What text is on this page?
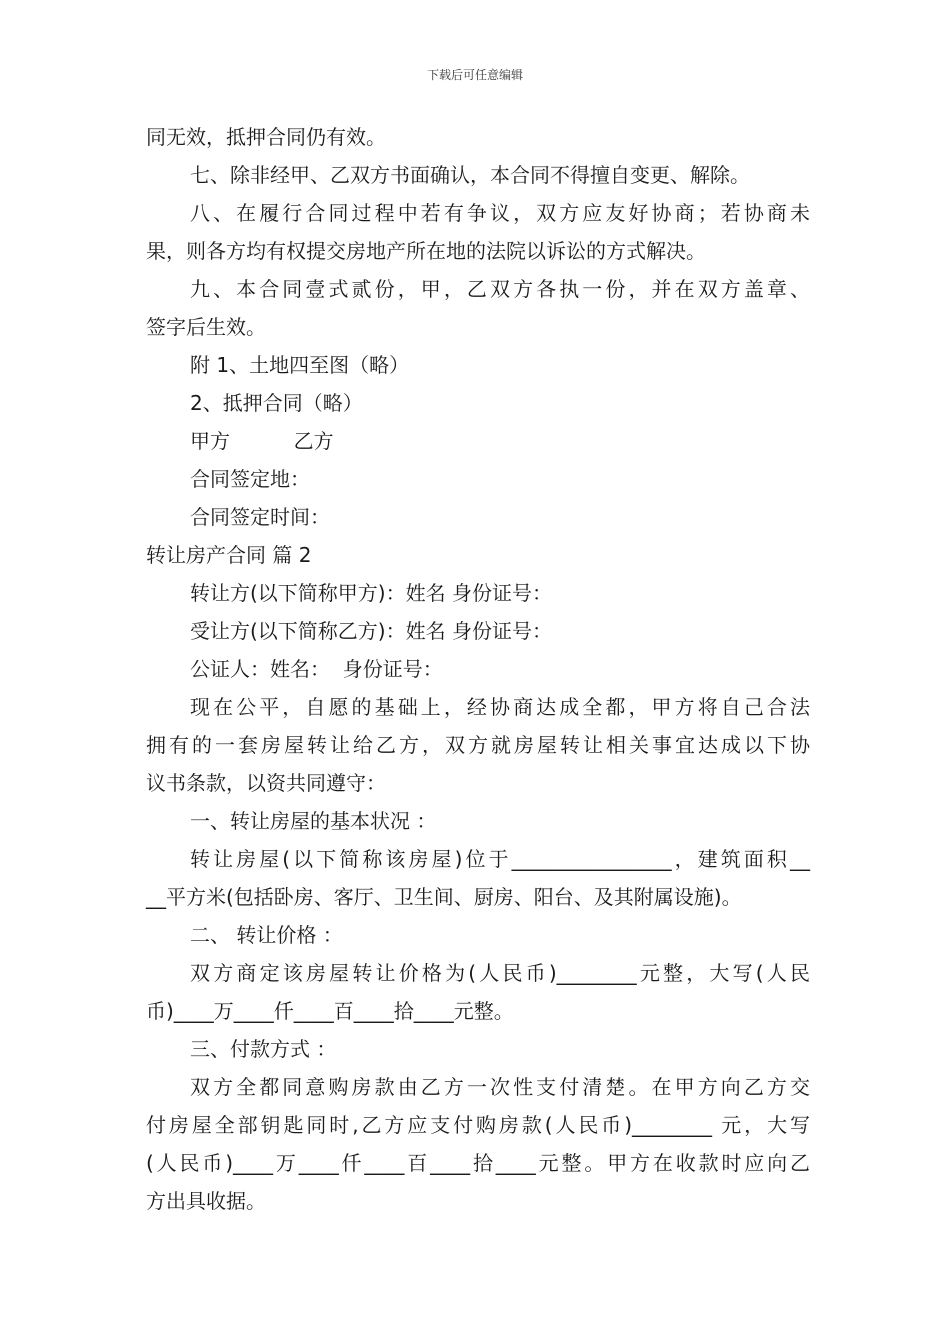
下载后可任意编辑
同无效，抵押合同仍有效。
七、除非经甲、乙双方书面确认，本合同不得擅自变更、解除。
八、在履行合同过程中若有争议，双方应友好协商；若协商未
果，则各方均有权提交房地产所在地的法院以诉讼的方式解决。
九、本合同壹式贰份，甲，乙双方各执一份，并在双方盖章、
签字后生效。
附 1、土地四至图（略）
2、抵押合同（略）
甲方          乙方
合同签定地：
合同签定时间：
转让房产合同 篇 2
转让方(以下简称甲方)：姓名 身份证号：
受让方(以下简称乙方)：姓名 身份证号：
公证人：姓名：  身份证号：
现在公平，自愿的基础上，经协商达成全都，甲方将自己合法
拥有的一套房屋转让给乙方，双方就房屋转让相关事宜达成以下协
议书条款，以资共同遵守：
一、转让房屋的基本状况 ：
转让房屋(以下简称该房屋)位于________________，建筑面积__
__平方米(包括卧房、客厅、卫生间、厨房、阳台、及其附属设施)。
二、 转让价格 ：
双方商定该房屋转让价格为(人民币)________元整，大写(人民
币)____万____仟____百____拾____元整。
三、付款方式 ：
双方全都同意购房款由乙方一次性支付清楚。在甲方向乙方交
付房屋全部钥匙同时,乙方应支付购房款(人民币)________ 元，大写
(人民币)____万____仟____百____拾____元整。甲方在收款时应向乙
方出具收据。
